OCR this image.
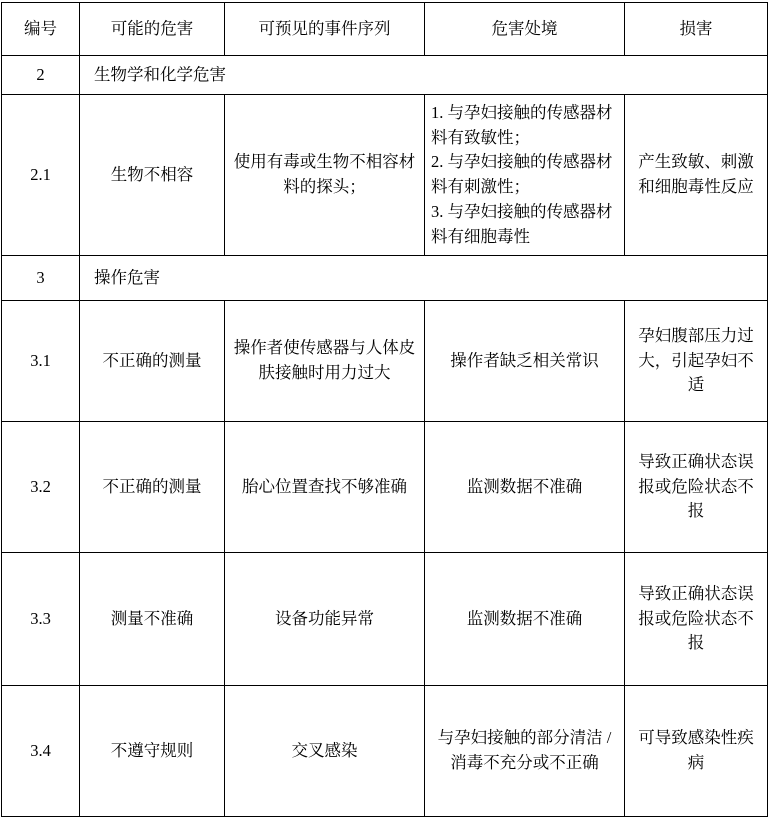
编号	可能的危害	可预见的事件序列	危害处境	损害
2	生物学和化学危害			
2.1	生物不相容	使用有毒或生物不相容材料的探头；	1. 与孕妇接触的传感器材料有致敏性；
2. 与孕妇接触的传感器材料有刺激性；
3. 与孕妇接触的传感器材料有细胞毒性	产生致敏、刺激和细胞毒性反应
3	操作危害			
3.1	不正确的测量	操作者使传感器与人体皮肤接触时用力过大	操作者缺乏相关常识	孕妇腹部压力过大，引起孕妇不适
3.2	不正确的测量	胎心位置查找不够准确	监测数据不准确	导致正确状态误报或危险状态不报
3.3	测量不准确	设备功能异常	监测数据不准确	导致正确状态误报或危险状态不报
3.4	不遵守规则	交叉感染	与孕妇接触的部分清洁 / 消毒不充分或不正确	可导致感染性疾病
